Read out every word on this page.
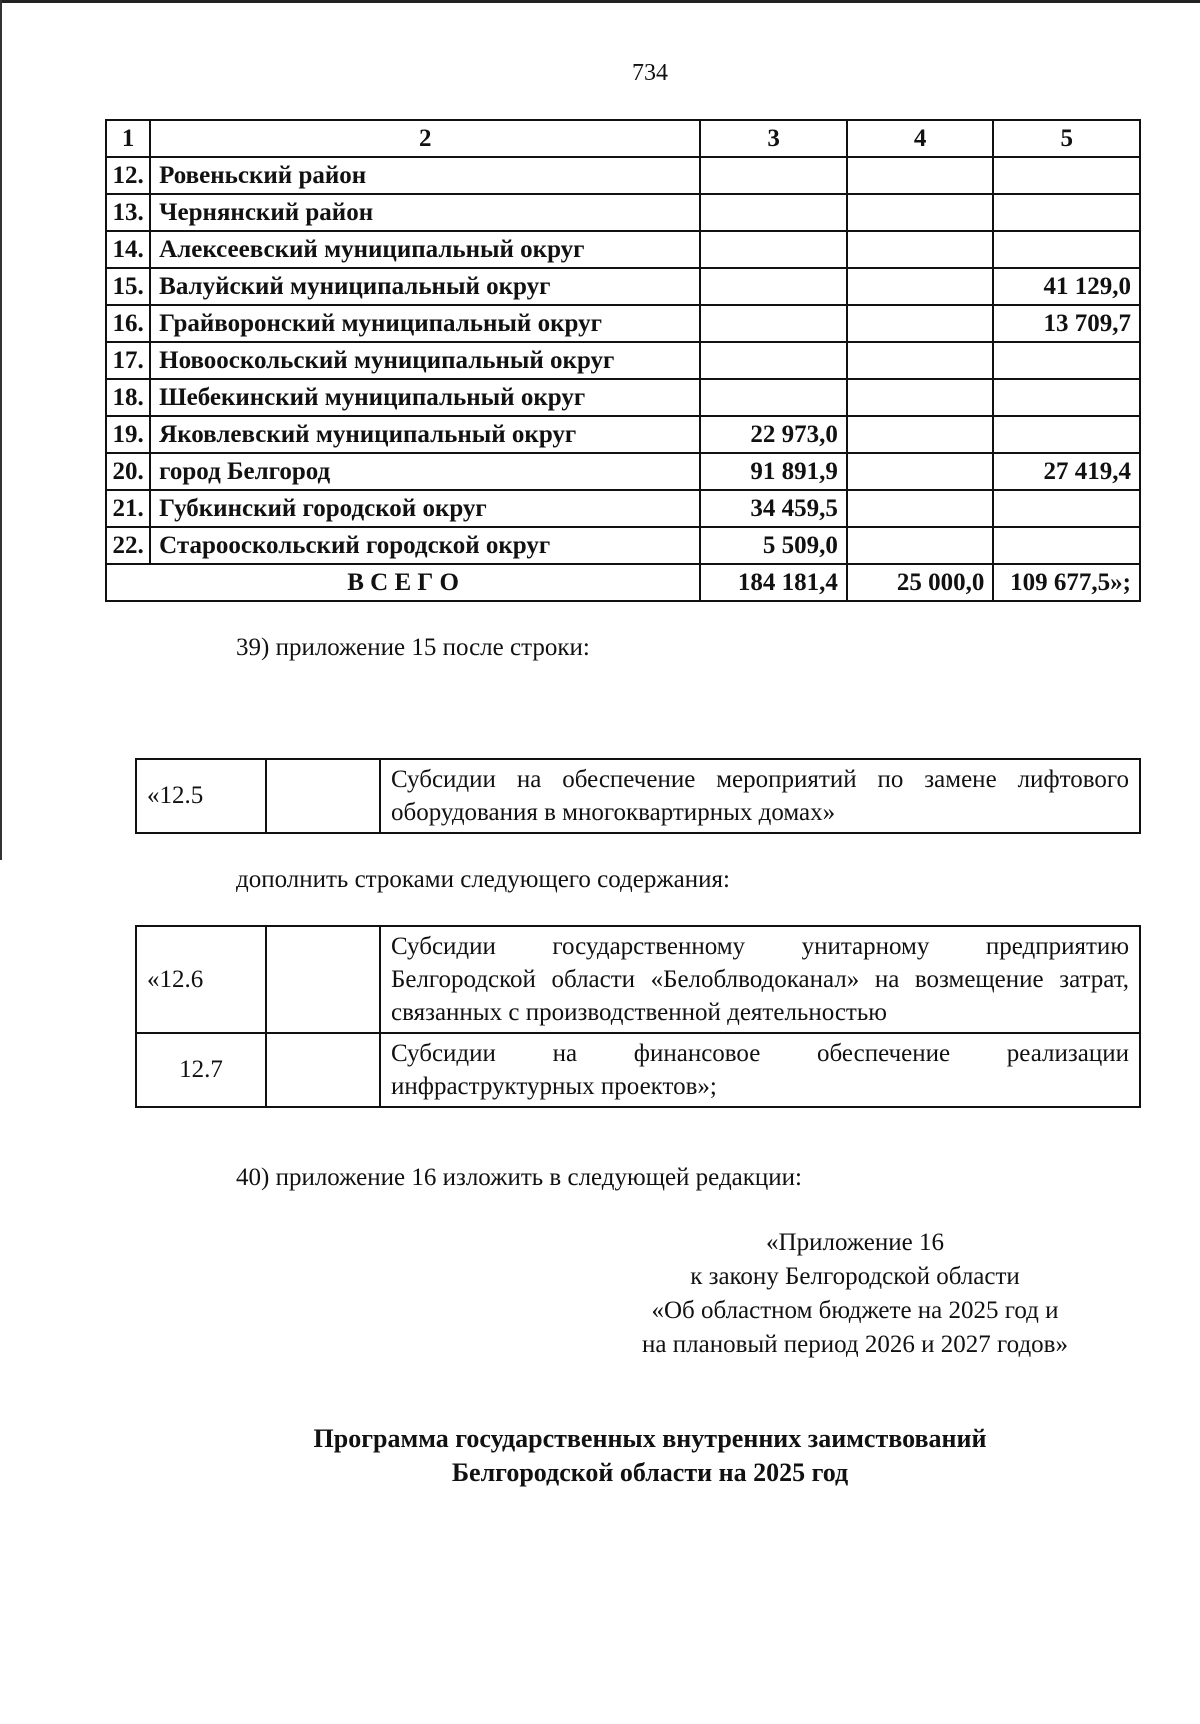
734
1	2	3	4	5
12.	Ровеньский район			
13.	Чернянский район			
14.	Алексеевский муниципальный округ			
15.	Валуйский муниципальный округ			41 129,0
16.	Грайворонский муниципальный округ			13 709,7
17.	Новооскольский муниципальный округ			
18.	Шебекинский муниципальный округ			
19.	Яковлевский муниципальный округ	22 973,0		
20.	город Белгород	91 891,9		27 419,4
21.	Губкинский городской округ	34 459,5		
22.	Старооскольский городской округ	5 509,0		
В С Е Г О		184 181,4	25 000,0	109 677,5»;
39) приложение 15 после строки:
«12.5		Субсидии на обеспечение мероприятий по замене лифтового оборудования в многоквартирных домах»
дополнить строками следующего содержания:
«12.6		Субсидии государственному унитарному предприятию Белгородской области «Белоблводоканал» на возмещение затрат, связанных с производственной деятельностью
12.7		Субсидии на финансовое обеспечение реализации инфраструктурных проектов»;
40) приложение 16 изложить в следующей редакции:
«Приложение 16
к закону Белгородской области
«Об областном бюджете на 2025 год и
на плановый период 2026 и 2027 годов»
Программа государственных внутренних заимствований
Белгородской области на 2025 год
